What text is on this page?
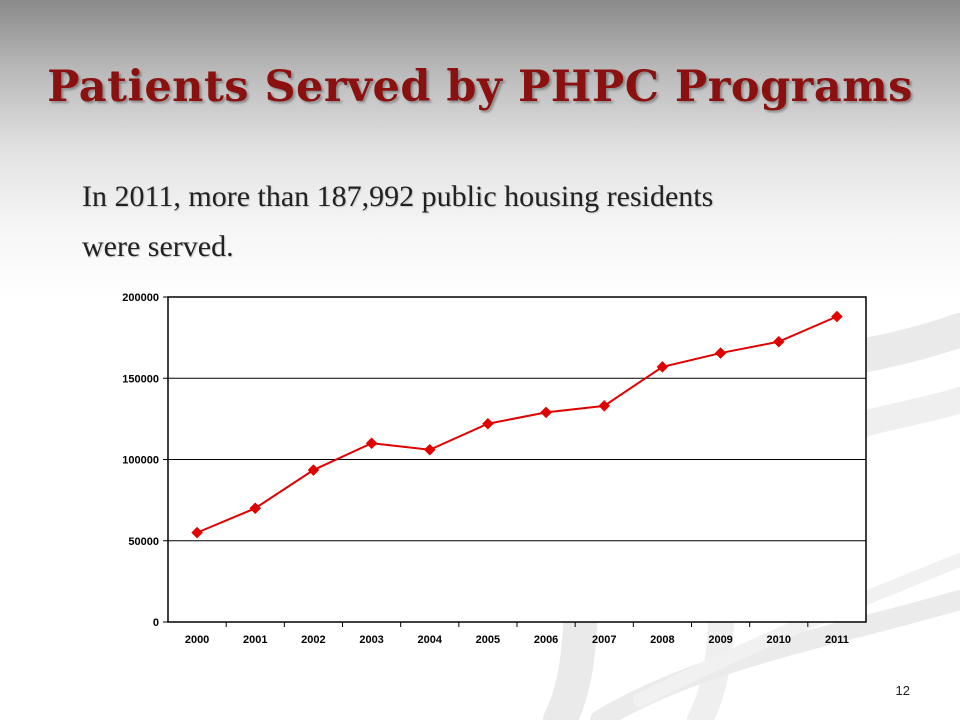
Patients Served by PHPC Programs

In 2011, more than 187,992 public housing residents
were served.

0
50000
100000
150000
200000
2000	2001	2002	2003	2004	2005	2006	2007	2008	2009	2010	2011
12
